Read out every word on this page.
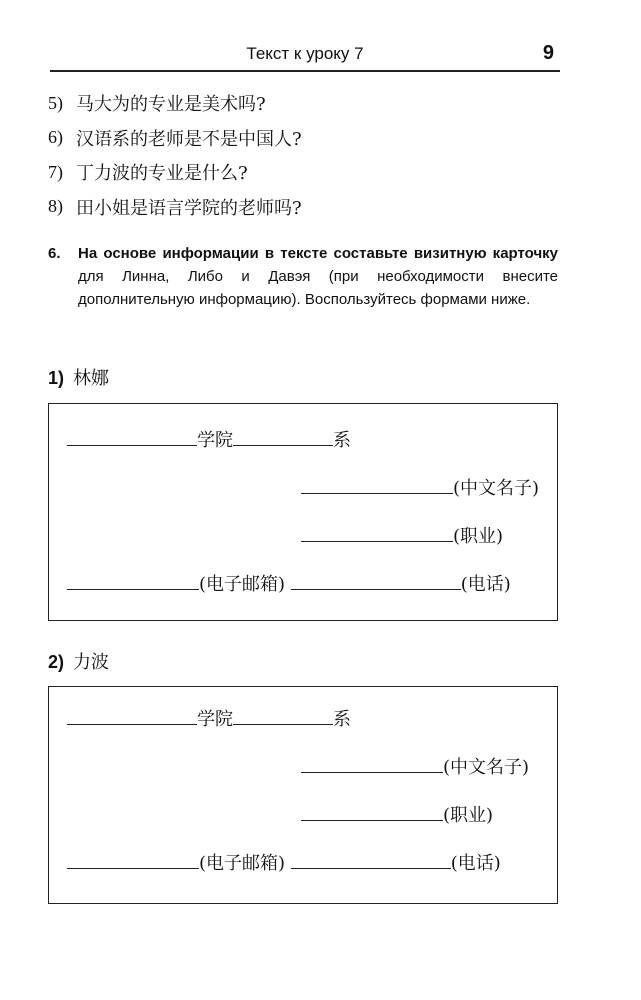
Текст к уроку 7	9
5) 马大为的专业是美术吗?
6) 汉语系的老师是不是中国人?
7) 丁力波的专业是什么?
8) 田小姐是语言学院的老师吗?
6. На основе информации в тексте составьте визитную карточку для Линна, Либо и Давэя (при необходимости внесите дополнительную информацию). Воспользуйтесь формами ниже.
1) 林娜
学院	系
(中文名子)
(职业)
(电子邮箱)	(电话)
2) 力波
学院	系
(中文名子)
(职业)
(电子邮箱)	(电话)
